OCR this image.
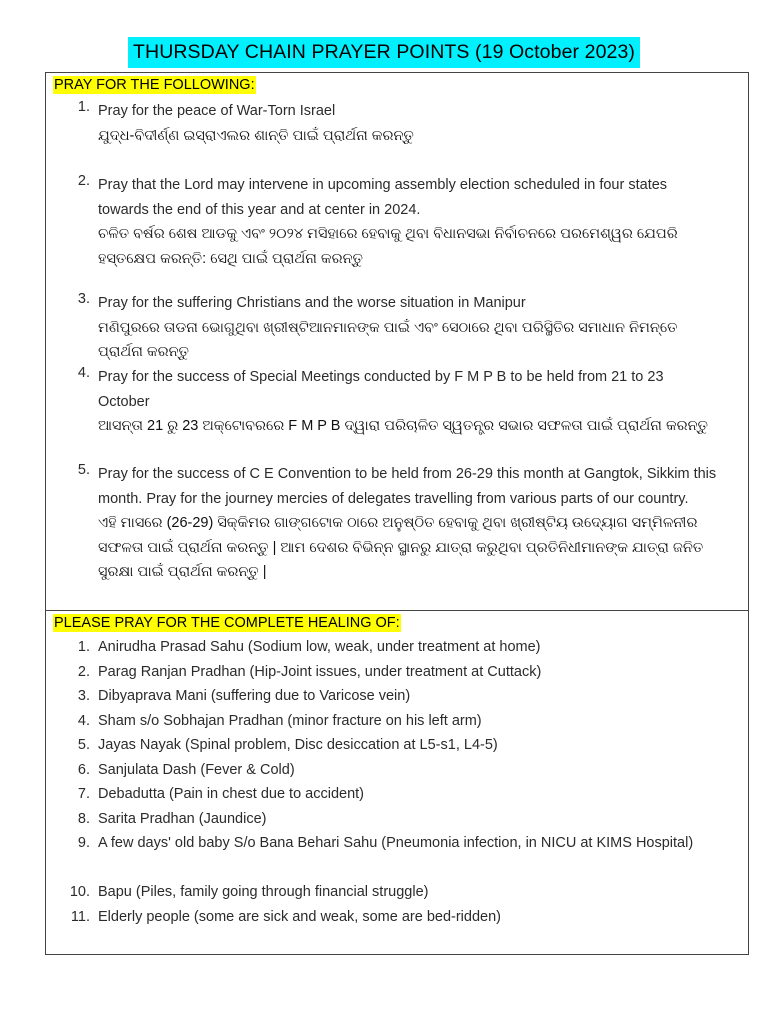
THURSDAY CHAIN PRAYER POINTS (19 October 2023)
PRAY FOR THE FOLLOWING:
1. Pray for the peace of War-Torn Israel
ଯୁଦ୍ଧ-ବିଦୀର୍ଣ୍ଣ ଇସ୍ରାଏଲର ଶାନ୍ତି ପାଇଁ ପ୍ରାର୍ଥନା କରନ୍ତୁ
2. Pray that the Lord may intervene in upcoming assembly election scheduled in four states towards the end of this year and at center in 2024.
ଚଳିତ ବର୍ଷର ଶେଷ ଆଡକୁ ଏବଂ ୨୦୨୪ ମସିହାରେ ହେବାକୁ ଥିବା ବିଧାନସଭା ନିର୍ବାଚନରେ ପରମେଶ୍ୱର ଯେପରି ହସ୍ତକ୍ଷେପ କରନ୍ତି: ସେଥି ପାଇଁ ପ୍ରାର୍ଥନା କରନ୍ତୁ
3. Pray for the suffering Christians and the worse situation in Manipur
ମଣିପୁରରେ ତାଡନା ଭୋଗୁଥିବା ଖ୍ରୀଷ୍ଟିଆନମାନଙ୍କ ପାଇଁ ଏବଂ ସେଠାରେ ଥିବା ପରିସ୍ଥିତିର ସମାଧାନ ନିମନ୍ତେ ପ୍ରାର୍ଥନା କରନ୍ତୁ
4. Pray for the success of Special Meetings conducted by F M P B to be held from 21 to 23 October
ଆସନ୍ତା 21 ରୁ 23 ଅକ୍ଟୋବରରେ F M P B ଦ୍ୱାରା ପରିଚାଳିତ ସ୍ୱତନ୍ତ୍ର ସଭାର ସଫଳତା ପାଇଁ ପ୍ରାର୍ଥନା କରନ୍ତୁ
5. Pray for the success of C E Convention to be held from 26-29 this month at Gangtok, Sikkim this month. Pray for the journey mercies of delegates travelling from various parts of our country.
ଏହି ମାସରେ (26-29) ସିକ୍କିମର ଗାଙ୍ଗଟୋକ ଠାରେ ଅନୁଷ୍ଠିତ ହେବାକୁ ଥିବା ଖ୍ରୀଷ୍ଟିୟ ଉଦ୍ୟୋଗ ସମ୍ମିଳନୀର ସଫଳତା ପାଇଁ ପ୍ରାର୍ଥନା କରନ୍ତୁ | ଆମ ଦେଶର ବିଭିନ୍ନ ସ୍ଥାନରୁ ଯାତ୍ରା କରୁଥିବା ପ୍ରତିନିଧୀମାନଙ୍କ ଯାତ୍ରା ଜନିତ ସୁରକ୍ଷା ପାଇଁ ପ୍ରାର୍ଥନା କରନ୍ତୁ |
PLEASE PRAY FOR THE COMPLETE HEALING OF:
1. Anirudha Prasad Sahu (Sodium low, weak, under treatment at home)
2. Parag Ranjan Pradhan (Hip-Joint issues, under treatment at Cuttack)
3. Dibyaprava Mani (suffering due to Varicose vein)
4. Sham s/o Sobhajan Pradhan (minor fracture on his left arm)
5. Jayas Nayak (Spinal problem, Disc desiccation at L5-s1, L4-5)
6. Sanjulata Dash (Fever & Cold)
7. Debadutta (Pain in chest due to accident)
8. Sarita Pradhan (Jaundice)
9. A few days' old baby S/o Bana Behari Sahu (Pneumonia infection, in NICU at KIMS Hospital)
10. Bapu (Piles, family going through financial struggle)
11. Elderly people (some are sick and weak, some are bed-ridden)
